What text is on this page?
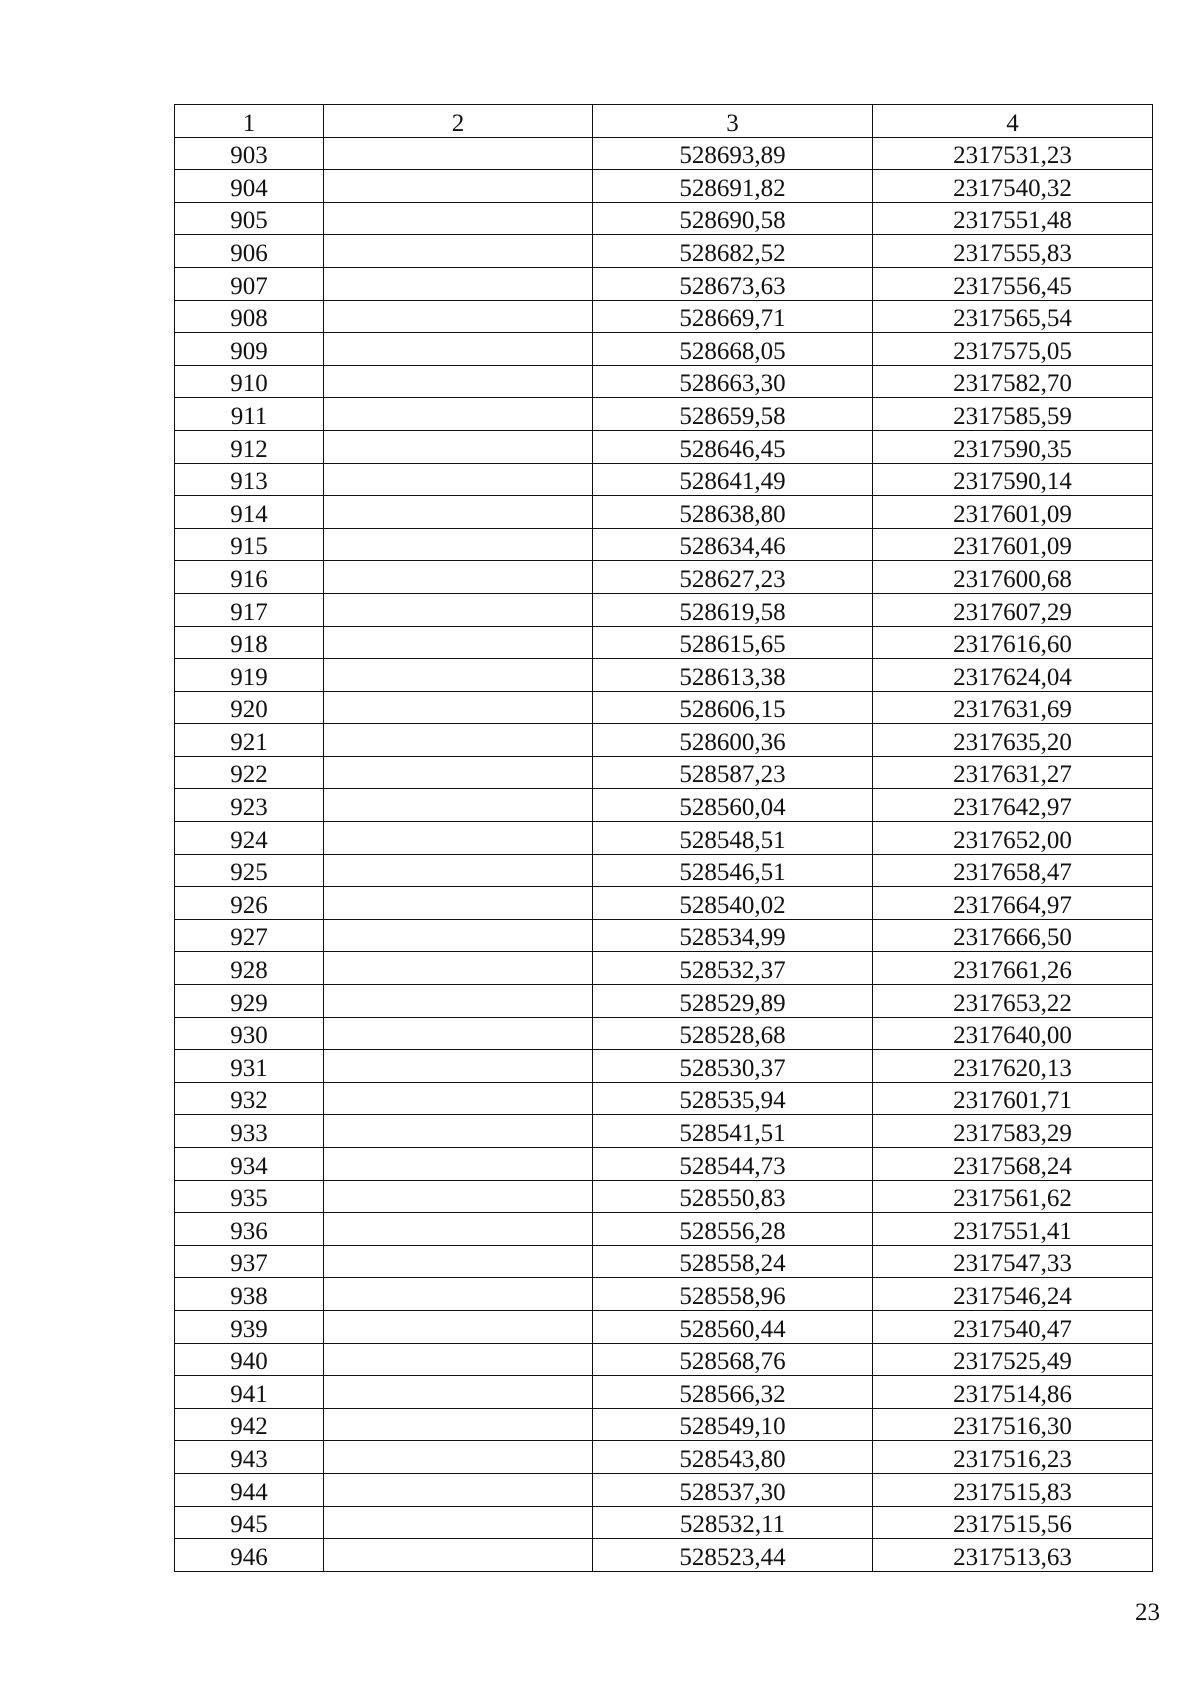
1	2	3	4
903		528693,89	2317531,23
904		528691,82	2317540,32
905		528690,58	2317551,48
906		528682,52	2317555,83
907		528673,63	2317556,45
908		528669,71	2317565,54
909		528668,05	2317575,05
910		528663,30	2317582,70
911		528659,58	2317585,59
912		528646,45	2317590,35
913		528641,49	2317590,14
914		528638,80	2317601,09
915		528634,46	2317601,09
916		528627,23	2317600,68
917		528619,58	2317607,29
918		528615,65	2317616,60
919		528613,38	2317624,04
920		528606,15	2317631,69
921		528600,36	2317635,20
922		528587,23	2317631,27
923		528560,04	2317642,97
924		528548,51	2317652,00
925		528546,51	2317658,47
926		528540,02	2317664,97
927		528534,99	2317666,50
928		528532,37	2317661,26
929		528529,89	2317653,22
930		528528,68	2317640,00
931		528530,37	2317620,13
932		528535,94	2317601,71
933		528541,51	2317583,29
934		528544,73	2317568,24
935		528550,83	2317561,62
936		528556,28	2317551,41
937		528558,24	2317547,33
938		528558,96	2317546,24
939		528560,44	2317540,47
940		528568,76	2317525,49
941		528566,32	2317514,86
942		528549,10	2317516,30
943		528543,80	2317516,23
944		528537,30	2317515,83
945		528532,11	2317515,56
946		528523,44	2317513,63
23
